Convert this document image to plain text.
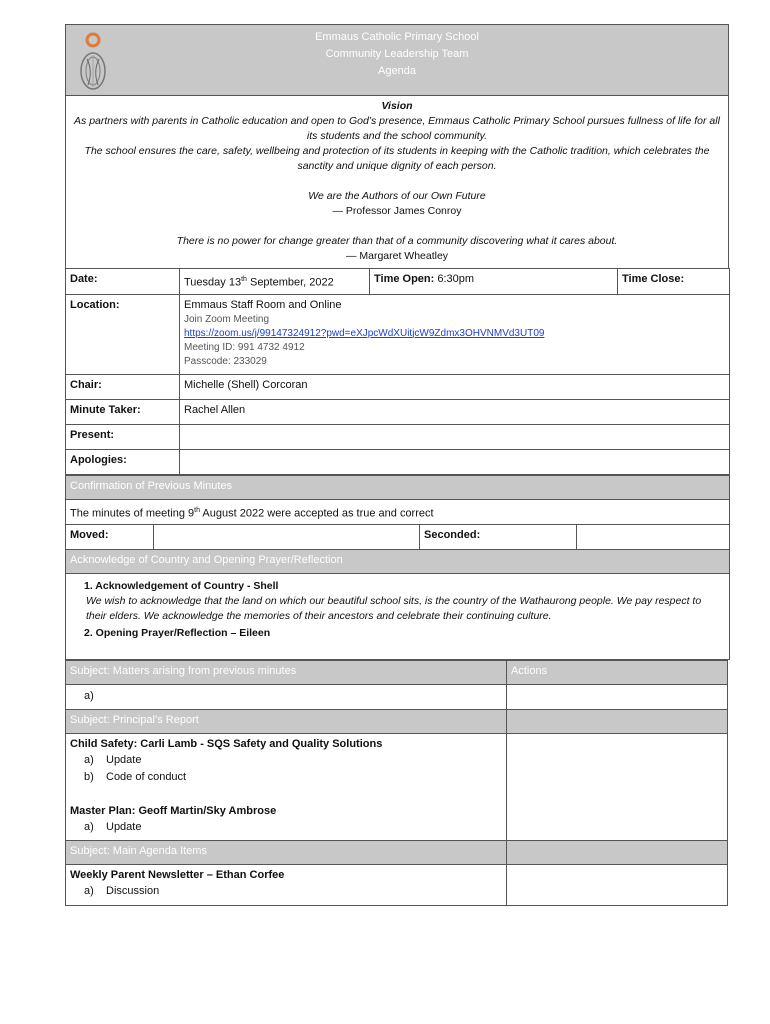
Emmaus Catholic Primary School
Community Leadership Team
Agenda
Vision
As partners with parents in Catholic education and open to God’s presence, Emmaus Catholic Primary School pursues fullness of life for all its students and the school community.
The school ensures the care, safety, wellbeing and protection of its students in keeping with the Catholic tradition, which celebrates the sanctity and unique dignity of each person.
We are the Authors of our Own Future
— Professor James Conroy
There is no power for change greater than that of a community discovering what it cares about.
— Margaret Wheatley
Date:	Tuesday 13th September, 2022	Time Open: 6:30pm	Time Close:
Location:	Emmaus Staff Room and Online
Join Zoom Meeting
https://zoom.us/j/99147324912?pwd=eXJpcWdXUitjcW9Zdmx3OHVNMVd3UT09
Meeting ID: 991 4732 4912
Passcode: 233029		

Chair:	Michelle (Shell) Corcoran		
Minute Taker:	Rachel Allen		
Present:			
Apologies:			
Confirmation of Previous Minutes
The minutes of meeting 9th August 2022 were accepted as true and correct
Moved:		Seconded:	
Acknowledge of Country and Opening Prayer/Reflection

1. Acknowledgement of Country - Shell
We wish to acknowledge that the land on which our beautiful school sits, is the country of the Wathaurong people. We pay respect to their elders. We acknowledge the memories of their ancestors and celebrate their continuing culture.
2. Opening Prayer/Reflection – Eileen
Subject: Matters arising from previous minutes	Actions
a)	
Subject: Principal’s Report	

Child Safety: Carli Lamb - SQS Safety and Quality Solutions
a) Update
b) Code of conduct
Master Plan: Geoff Martin/Sky Ambrose
a) Update	

Subject: Main Agenda Items	

Weekly Parent Newsletter – Ethan Corfee
a) Discussion	
